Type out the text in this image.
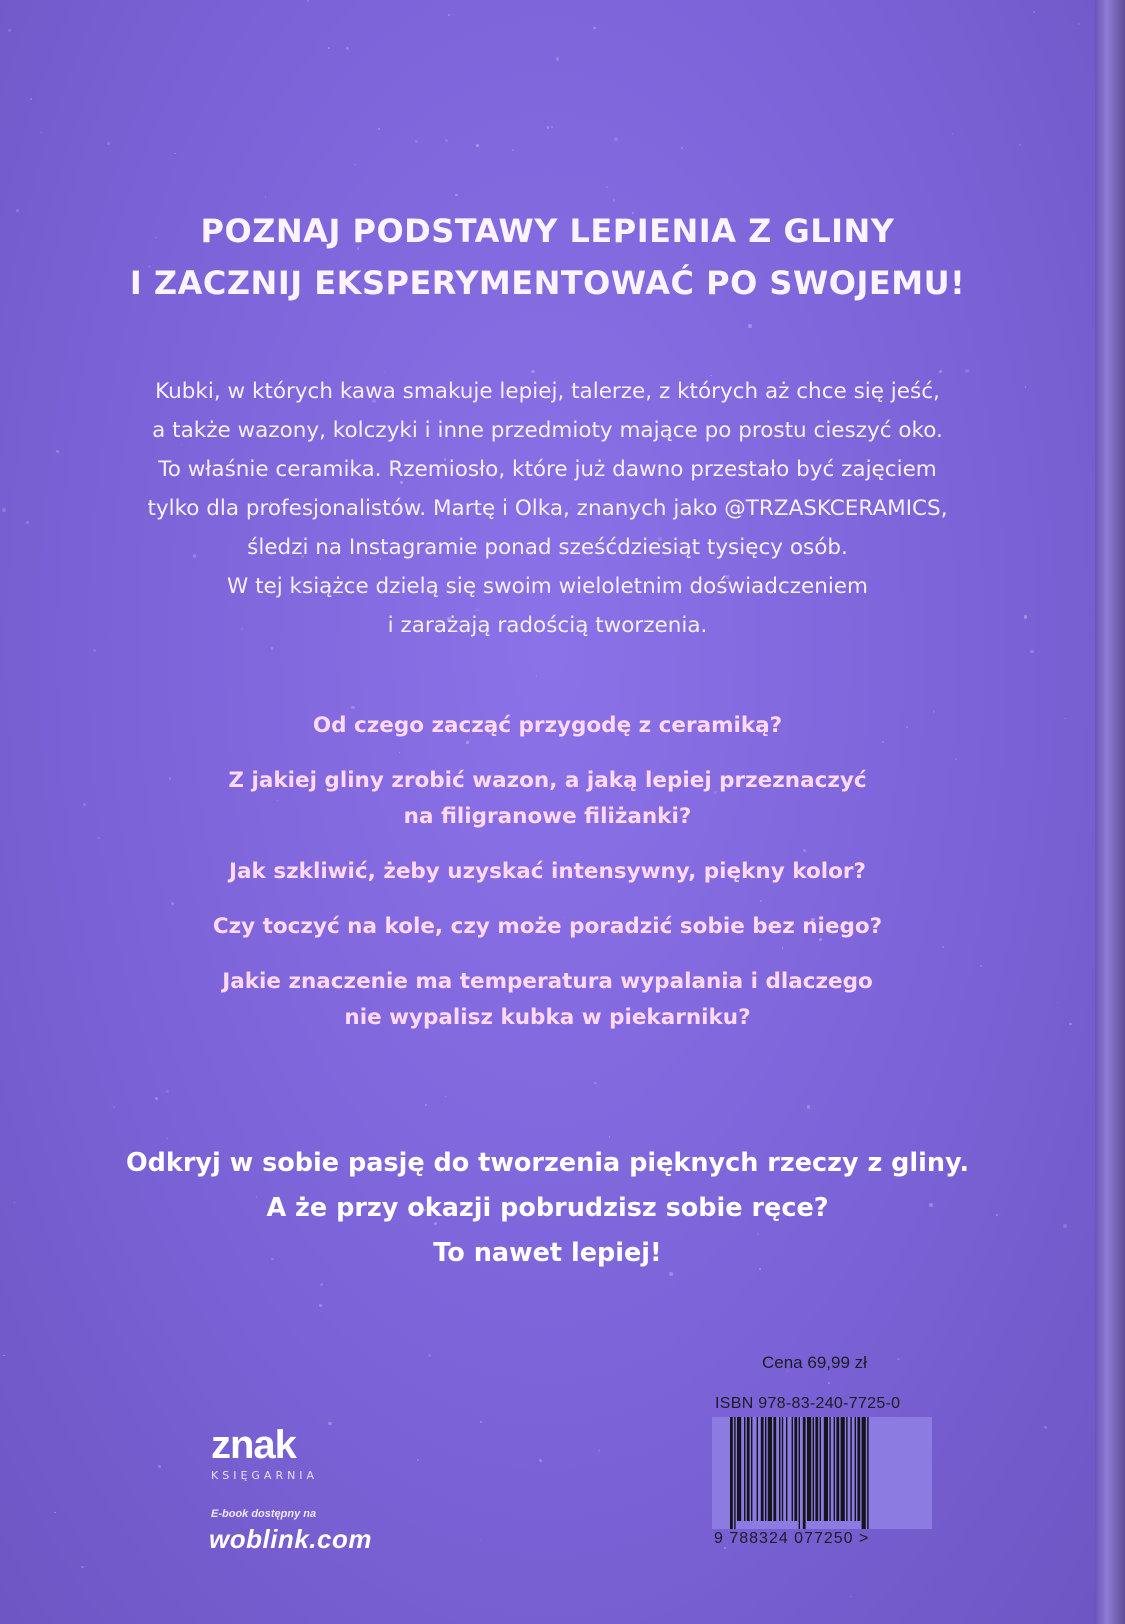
POZNAJ PODSTAWY LEPIENIA Z GLINY
I ZACZNIJ EKSPERYMENTOWAĆ PO SWOJEMU!
Kubki, w których kawa smakuje lepiej, talerze, z których aż chce się jeść,
a także wazony, kolczyki i inne przedmioty mające po prostu cieszyć oko.
To właśnie ceramika. Rzemiosło, które już dawno przestało być zajęciem
tylko dla profesjonalistów. Martę i Olka, znanych jako @TRZASKCERAMICS,
śledzi na Instagramie ponad sześćdziesiąt tysięcy osób.
W tej książce dzielą się swoim wieloletnim doświadczeniem
i zarażają radością tworzenia.
Od czego zacząć przygodę z ceramiką?
Z jakiej gliny zrobić wazon, a jaką lepiej przeznaczyć
na filigranowe filiżanki?
Jak szkliwić, żeby uzyskać intensywny, piękny kolor?
Czy toczyć na kole, czy może poradzić sobie bez niego?
Jakie znaczenie ma temperatura wypalania i dlaczego
nie wypalisz kubka w piekarniku?
Odkryj w sobie pasję do tworzenia pięknych rzeczy z gliny.
A że przy okazji pobrudzisz sobie ręce?
To nawet lepiej!
znak
KSIĘGARNIA
E-book dostępny na
woblink.com
Cena 69,99 zł
ISBN 978-83-240-7725-0
9 788324 077250 >
